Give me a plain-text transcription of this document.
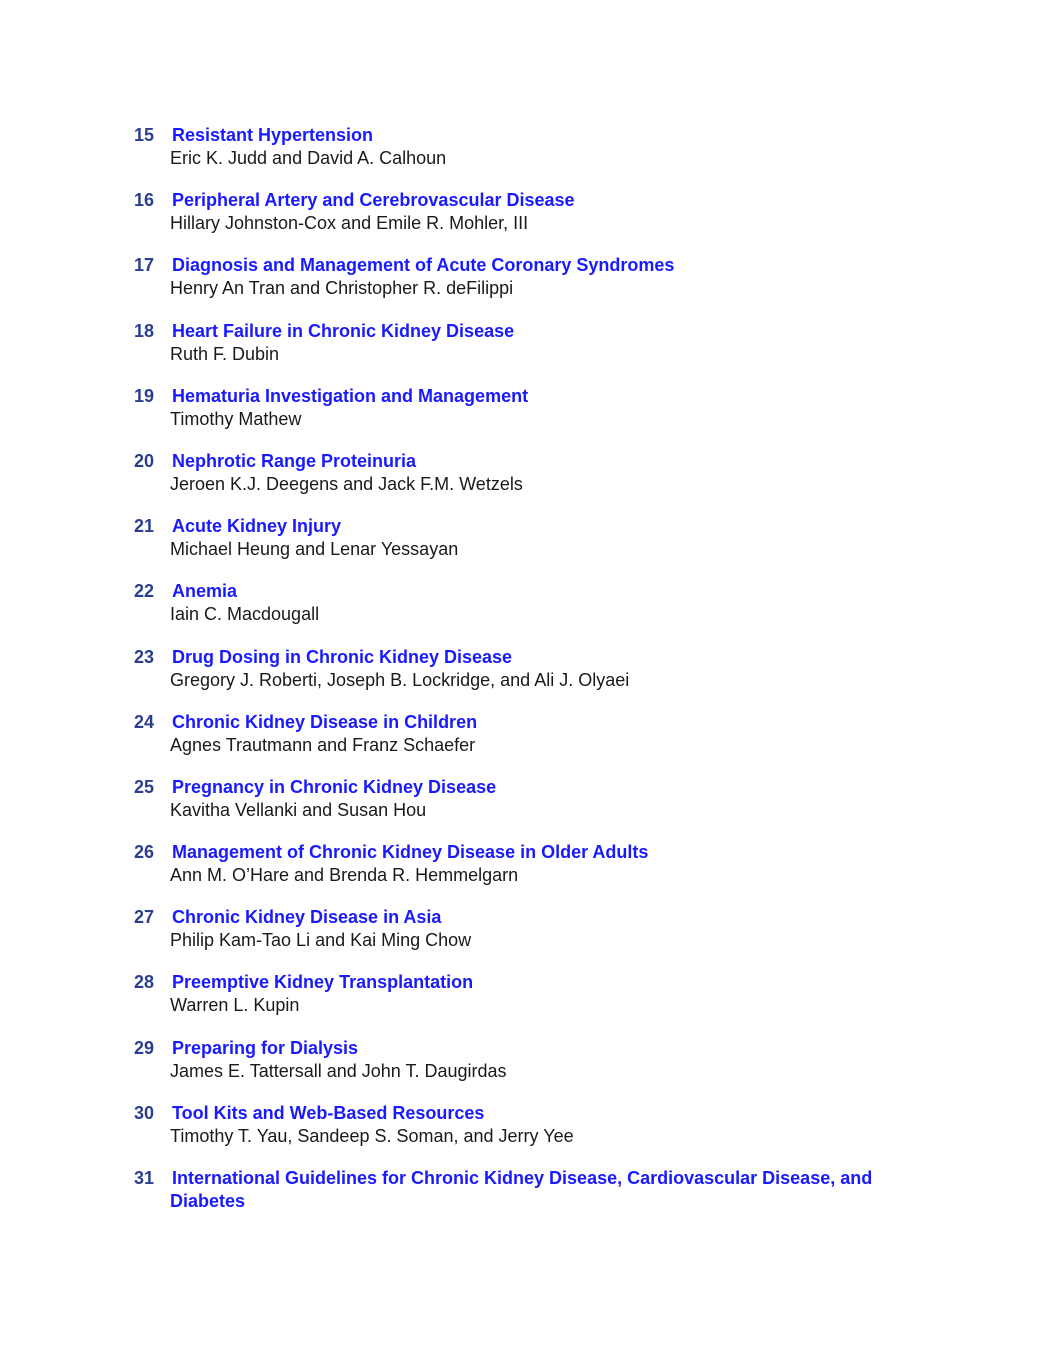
15 Resistant Hypertension
Eric K. Judd and David A. Calhoun
16 Peripheral Artery and Cerebrovascular Disease
Hillary Johnston-Cox and Emile R. Mohler, III
17 Diagnosis and Management of Acute Coronary Syndromes
Henry An Tran and Christopher R. deFilippi
18 Heart Failure in Chronic Kidney Disease
Ruth F. Dubin
19 Hematuria Investigation and Management
Timothy Mathew
20 Nephrotic Range Proteinuria
Jeroen K.J. Deegens and Jack F.M. Wetzels
21 Acute Kidney Injury
Michael Heung and Lenar Yessayan
22 Anemia
Iain C. Macdougall
23 Drug Dosing in Chronic Kidney Disease
Gregory J. Roberti, Joseph B. Lockridge, and Ali J. Olyaei
24 Chronic Kidney Disease in Children
Agnes Trautmann and Franz Schaefer
25 Pregnancy in Chronic Kidney Disease
Kavitha Vellanki and Susan Hou
26 Management of Chronic Kidney Disease in Older Adults
Ann M. O’Hare and Brenda R. Hemmelgarn
27 Chronic Kidney Disease in Asia
Philip Kam-Tao Li and Kai Ming Chow
28 Preemptive Kidney Transplantation
Warren L. Kupin
29 Preparing for Dialysis
James E. Tattersall and John T. Daugirdas
30 Tool Kits and Web-Based Resources
Timothy T. Yau, Sandeep S. Soman, and Jerry Yee
31 International Guidelines for Chronic Kidney Disease, Cardiovascular Disease, and Diabetes
